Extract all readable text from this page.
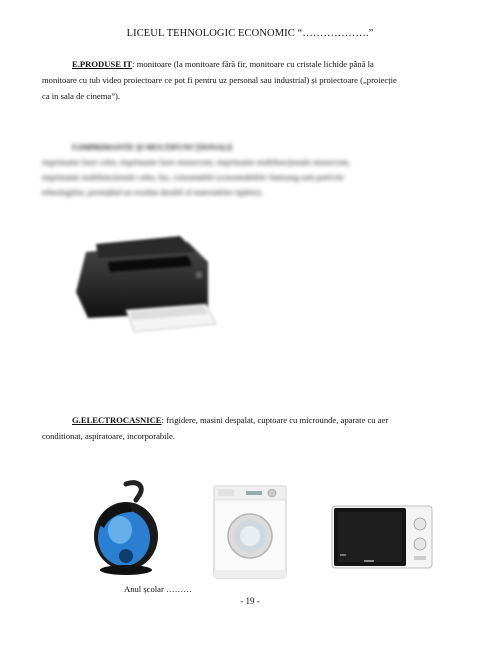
LICEUL TEHNOLOGIC ECONOMIC “……………….”
E.PRODUSE IT: monitoare (la monitoare fără fir, monitoare cu cristale lichide până la
monitoare cu tub video proiectoare ce pot fi pentru uz personal sau industrial) și proiectoare („proiecție
ca in sala de cinema”).
F.IMPRIMANTE ȘI MULTIFUNCȚIONALE
imprimante laser color, imprimante laser monocrom, imprimante multifuncționale monocrom,
imprimante multifuncționale color, fax, consumabile (consumabilele Samsung sunt potrivite
tehnologiilor, permițând un rezultat durabil al materialelor tipărite).
G.ELECTROCASNICE: frigidere, masini despalat, cuptoare cu microunde, aparate cu aer
conditionat, aspiratoare, incorporabile.
Anul școlar ………
- 19 -
